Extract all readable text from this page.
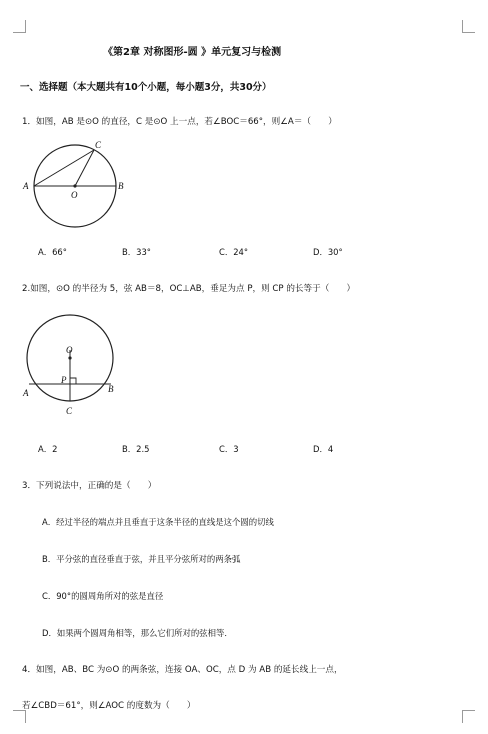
《第2章 对称图形-圆 》单元复习与检测
一、选择题（本大题共有10个小题，每小题3分，共30分）
1．如图，AB 是⊙O 的直径，C 是⊙O 上一点，若∠BOC＝66°，则∠A＝（　　）
A	B
C
O
A．66°	B．33°	C．24°	D．30°
2.如图，⊙O 的半径为 5，弦 AB＝8，OC⊥AB，垂足为点 P，则 CP 的长等于（　　）
A	B
C
O
P
A．2	B．2.5	C．3	D．4
3．下列说法中，正确的是（　　）
A．经过半径的端点并且垂直于这条半径的直线是这个圆的切线
B．平分弦的直径垂直于弦，并且平分弦所对的两条弧
C．90°的圆周角所对的弦是直径
D．如果两个圆周角相等，那么它们所对的弦相等．
4．如图，AB、BC 为⊙O 的两条弦，连接 OA、OC，点 D 为 AB 的延长线上一点，
若∠CBD＝61°，则∠AOC 的度数为（　　）
